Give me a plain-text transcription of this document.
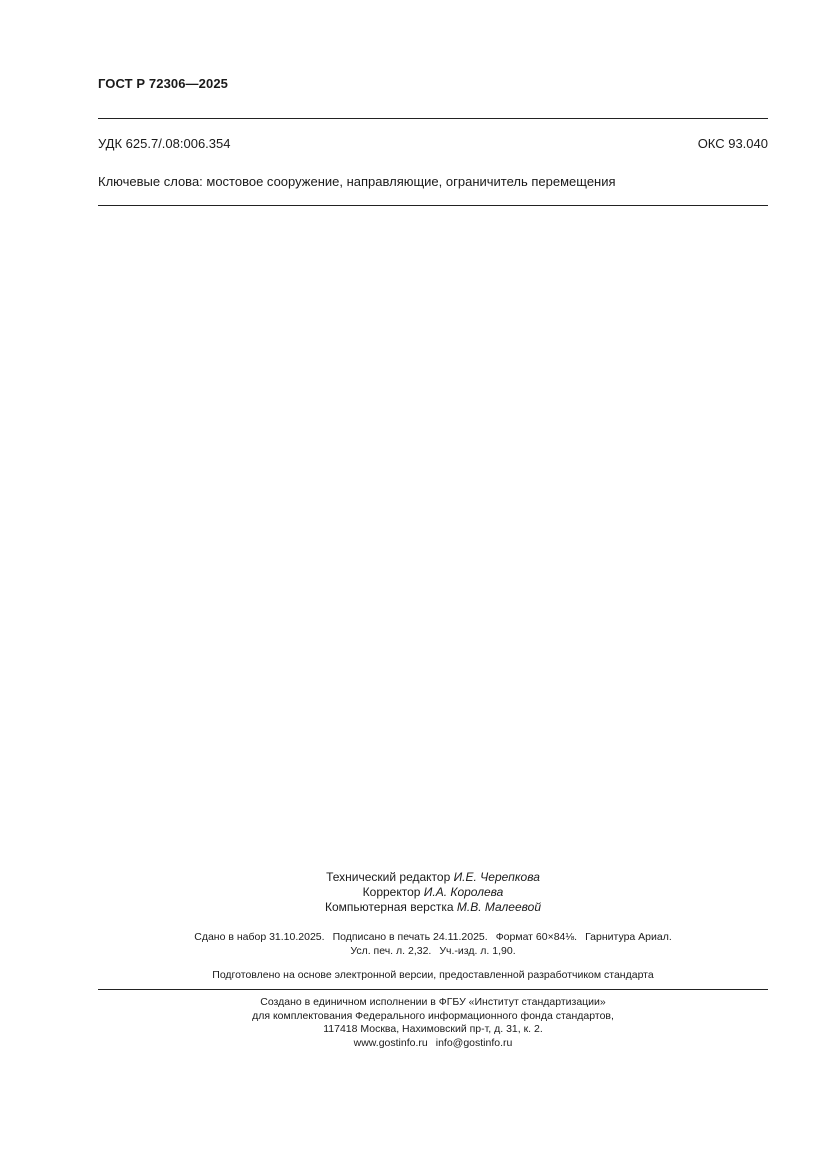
ГОСТ Р 72306—2025
УДК 625.7/.08:006.354	ОКС 93.040
Ключевые слова: мостовое сооружение, направляющие, ограничитель перемещения
Технический редактор И.Е. Черепкова
Корректор И.А. Королева
Компьютерная верстка М.В. Малеевой
Сдано в набор 31.10.2025. Подписано в печать 24.11.2025. Формат 60×84⅛. Гарнитура Ариал.
Усл. печ. л. 2,32. Уч.-изд. л. 1,90.
Подготовлено на основе электронной версии, предоставленной разработчиком стандарта
Создано в единичном исполнении в ФГБУ «Институт стандартизации»
для комплектования Федерального информационного фонда стандартов,
117418 Москва, Нахимовский пр-т, д. 31, к. 2.
www.gostinfo.ru info@gostinfo.ru
